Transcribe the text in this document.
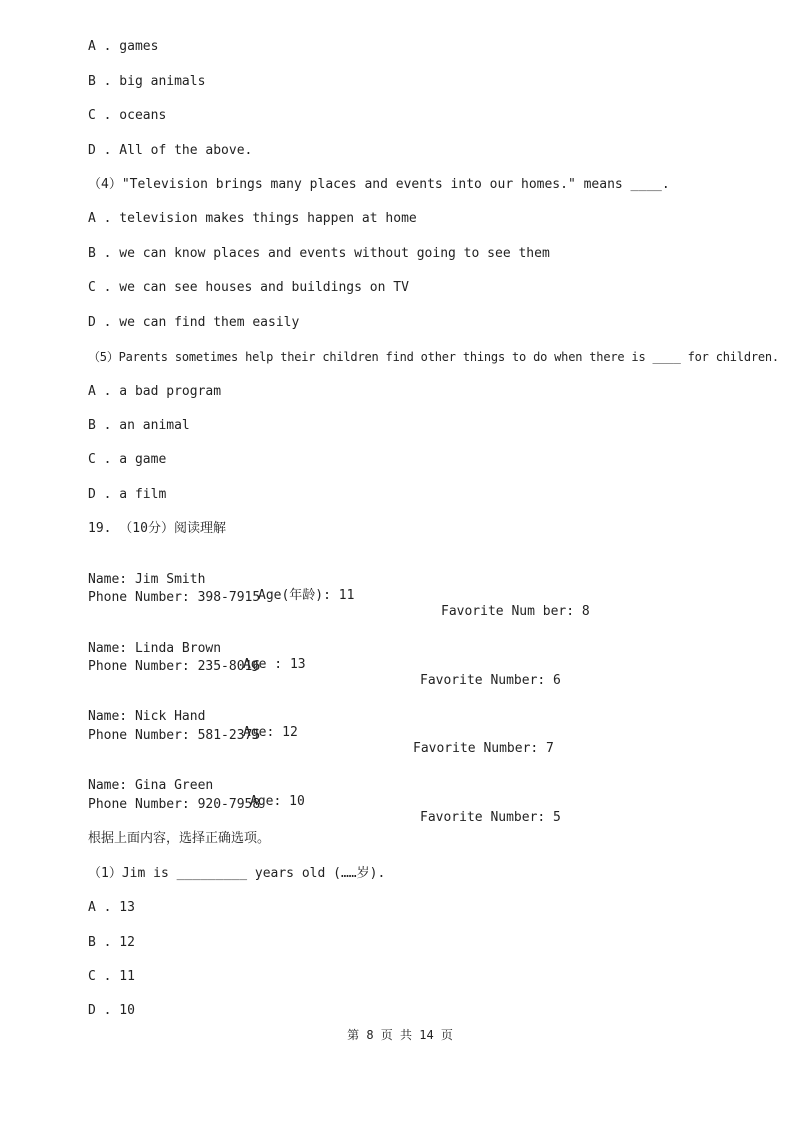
A . games
B . big animals
C . oceans
D . All of the above.
（4）"Television brings many places and events into our homes." means ____.
A . television makes things happen at home
B . we can know places and events without going to see them
C . we can see houses and buildings on TV
D . we can find them easily
（5）Parents sometimes help their children find other things to do when there is ____ for children.
A . a bad program
B . an animal
C . a game
D . a film
19. （10分）阅读理解

Name: Jim Smith

Age(年龄): 11

Favorite Num ber: 8

Phone Number: 398-7915

Name: Linda Brown

Age : 13

Favorite Number: 6

Phone Number: 235-8016

Name: Nick Hand

Age: 12

Favorite Number: 7

Phone Number: 581-2375

Name: Gina Green

Age: 10

Favorite Number: 5

Phone Number: 920-7958
根据上面内容，选择正确选项。
（1）Jim is _________ years old (……岁).
A . 13
B . 12
C . 11
D . 10
第 8 页 共 14 页
